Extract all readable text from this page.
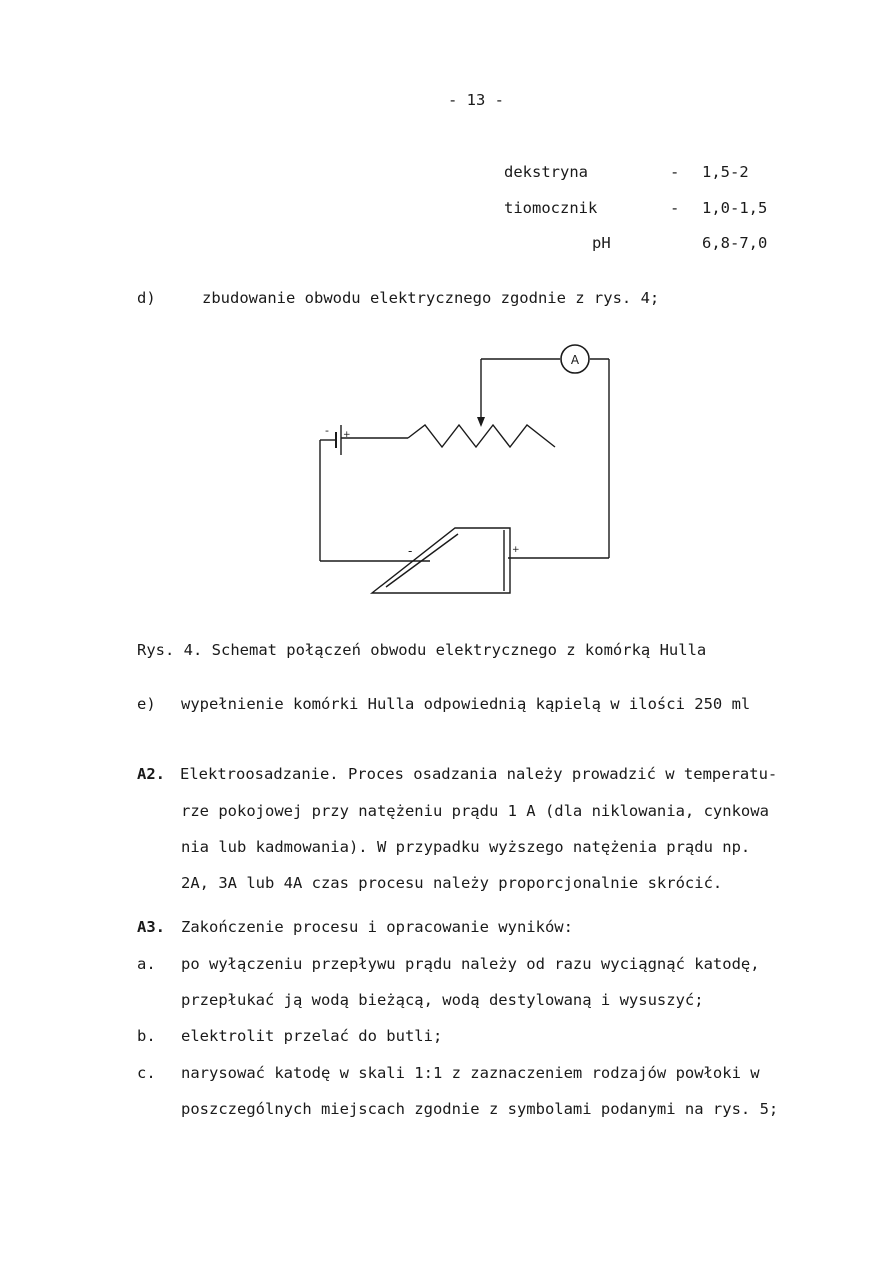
- 13 -
dekstryna	- 1,5-2
tiomocznik	- 1,0-1,5
pH	6,8-7,0
d)	zbudowanie obwodu elektrycznego zgodnie z rys. 4;
A
- +
-	+
Rys. 4. Schemat połączeń obwodu elektrycznego z komórką Hulla
e) wypełnienie komórki Hulla odpowiednią kąpielą w ilości 250 ml
A2. Elektroosadzanie. Proces osadzania należy prowadzić w temperatu-
rze pokojowej przy natężeniu prądu 1 A (dla niklowania, cynkowa
nia lub kadmowania). W przypadku wyższego natężenia prądu np.
2A, 3A lub 4A czas procesu należy proporcjonalnie skrócić.
A3. Zakończenie procesu i opracowanie wyników:
a. po wyłączeniu przepływu prądu należy od razu wyciągnąć katodę,
przepłukać ją wodą bieżącą, wodą destylowaną i wysuszyć;
b. elektrolit przelać do butli;
c. narysować katodę w skali 1:1 z zaznaczeniem rodzajów powłoki w
poszczególnych miejscach zgodnie z symbolami podanymi na rys. 5;
